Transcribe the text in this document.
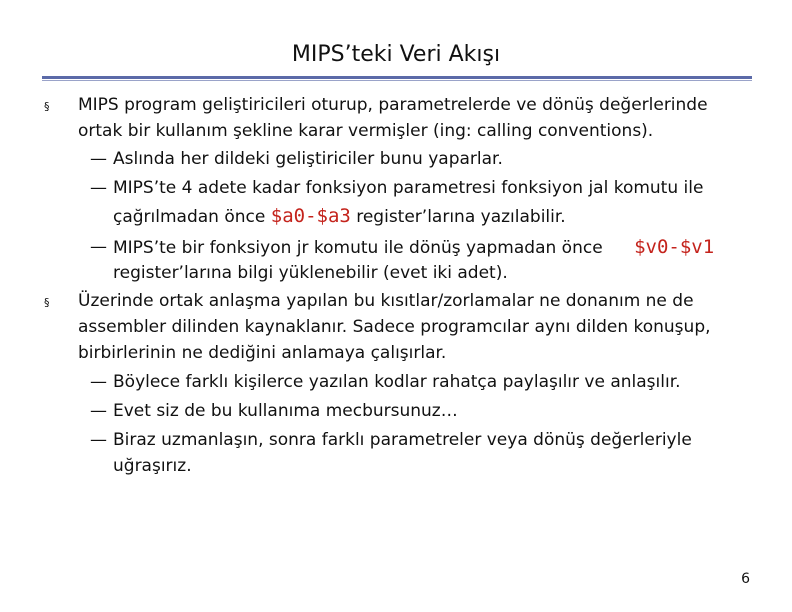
MIPS’teki Veri Akışı
§ MIPS program geliştiricileri oturup, parametrelerde ve dönüş değerlerinde
ortak bir kullanım şekline karar vermişler (ing: calling conventions).
— Aslında her dildeki geliştiriciler bunu yaparlar.
— MIPS’te 4 adete kadar fonksiyon parametresi fonksiyon jal komutu ile
çağrılmadan önce $a0-$a3 register’larına yazılabilir.
— MIPS’te bir fonksiyon jr komutu ile dönüş yapmadan önce $v0-$v1
register’larına bilgi yüklenebilir (evet iki adet).
§ Üzerinde ortak anlaşma yapılan bu kısıtlar/zorlamalar ne donanım ne de
assembler dilinden kaynaklanır. Sadece programcılar aynı dilden konuşup,
birbirlerinin ne dediğini anlamaya çalışırlar.
— Böylece farklı kişilerce yazılan kodlar rahatça paylaşılır ve anlaşılır.
— Evet siz de bu kullanıma mecbursunuz…
— Biraz uzmanlaşın, sonra farklı parametreler veya dönüş değerleriyle
uğraşırız.
6
